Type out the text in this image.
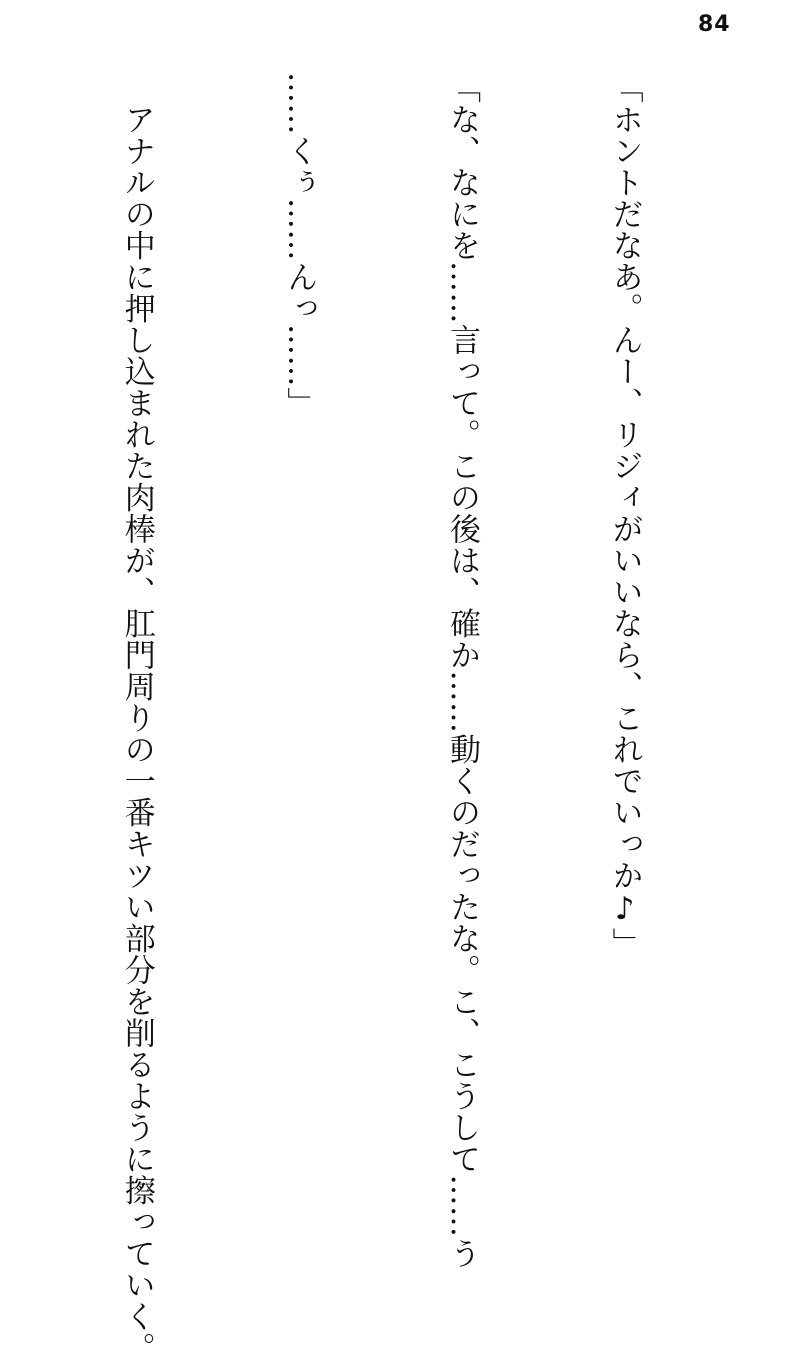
84

「ホントだなあ。んー、リジィがいいなら、これでいっか♪」

「な、なにを……言って。この後は、確か……動くのだったな。こ、こうして……う

……くぅ……んっ……」

　アナルの中に押し込まれた肉棒が、肛門周りの一番キツい部分を削るように擦っていく。
